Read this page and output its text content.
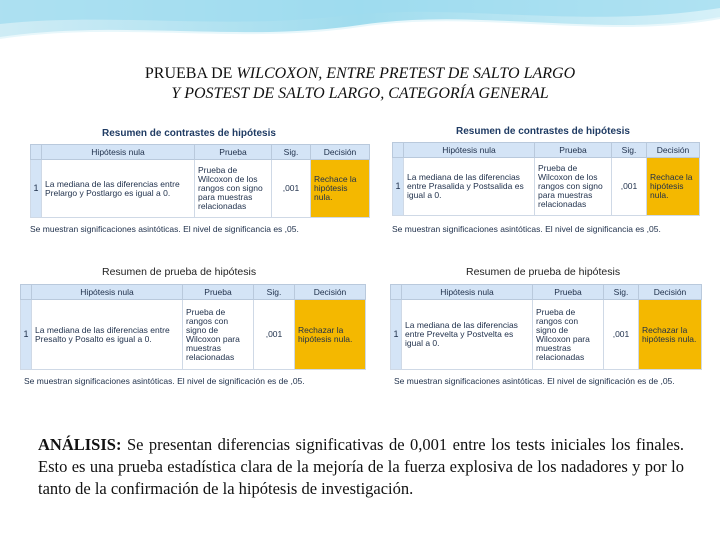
PRUEBA DE WILCOXON, ENTRE PRETEST DE SALTO LARGO
Y POSTEST DE SALTO LARGO, CATEGORÍA GENERAL
Resumen de contrastes de hipótesis
	Hipótesis nula	Prueba	Sig.	Decisión
1	La mediana de las diferencias entre Prelargo y Postlargo es igual a 0.	Prueba de Wilcoxon de los rangos con signo para muestras relacionadas	,001	Rechace la hipótesis nula.
Se muestran significaciones asintóticas. El nivel de significancia es ,05.
Resumen de contrastes de hipótesis
	Hipótesis nula	Prueba	Sig.	Decisión
1	La mediana de las diferencias entre Prasalida y Postsalida es igual a 0.	Prueba de Wilcoxon de los rangos con signo para muestras relacionadas	,001	Rechace la hipótesis nula.
Se muestran significaciones asintóticas. El nivel de significancia es ,05.
Resumen de prueba de hipótesis
	Hipótesis nula	Prueba	Sig.	Decisión
1	La mediana de las diferencias entre Presalto y Posalto es igual a 0.	Prueba de rangos con signo de Wilcoxon para muestras relacionadas	,001	Rechazar la hipótesis nula.
Se muestran significaciones asintóticas. El nivel de significación es de ,05.
Resumen de prueba de hipótesis
	Hipótesis nula	Prueba	Sig.	Decisión
1	La mediana de las diferencias entre Prevelta y Postvelta es igual a 0.	Prueba de rangos con signo de Wilcoxon para muestras relacionadas	,001	Rechazar la hipótesis nula.
Se muestran significaciones asintóticas. El nivel de significación es de ,05.
ANÁLISIS: Se presentan diferencias significativas de 0,001 entre los tests iniciales los finales. Esto es una prueba estadística clara de la mejoría de la fuerza explosiva de los nadadores y por lo tanto de la confirmación de la hipótesis de investigación.
